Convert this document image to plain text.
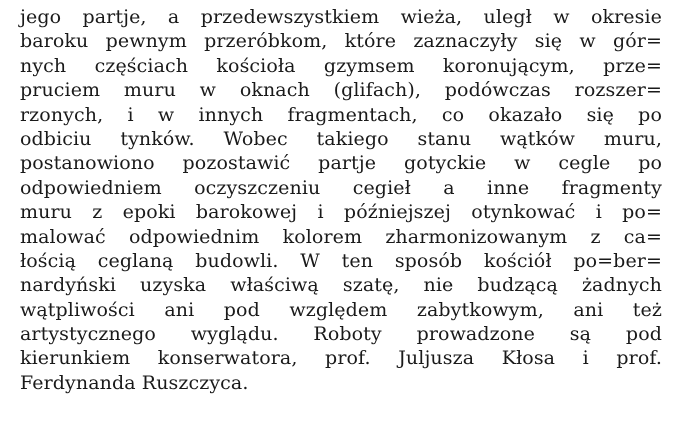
jego partje, a przedewszystkiem wieża, uległ w okresie
baroku pewnym przeróbkom, które zaznaczyły się w gór=
nych częściach kościoła gzymsem koronującym, prze=
pruciem muru w oknach (glifach), podówczas rozszer=
rzonych, i w innych fragmentach, co okazało się po
odbiciu tynków. Wobec takiego stanu wątków muru,
postanowiono pozostawić partje gotyckie w cegle po
odpowiedniem oczyszczeniu cegieł a inne fragmenty
muru z epoki barokowej i późniejszej otynkować i po=
malować odpowiednim kolorem zharmonizowanym z ca=
łością ceglaną budowli. W ten sposób kościół po=ber=
nardyński uzyska właściwą szatę, nie budzącą żadnych
wątpliwości ani pod względem zabytkowym, ani też
artystycznego wyglądu. Roboty prowadzone są pod
kierunkiem konserwatora, prof. Juljusza Kłosa i prof.
Ferdynanda Ruszczyca.
